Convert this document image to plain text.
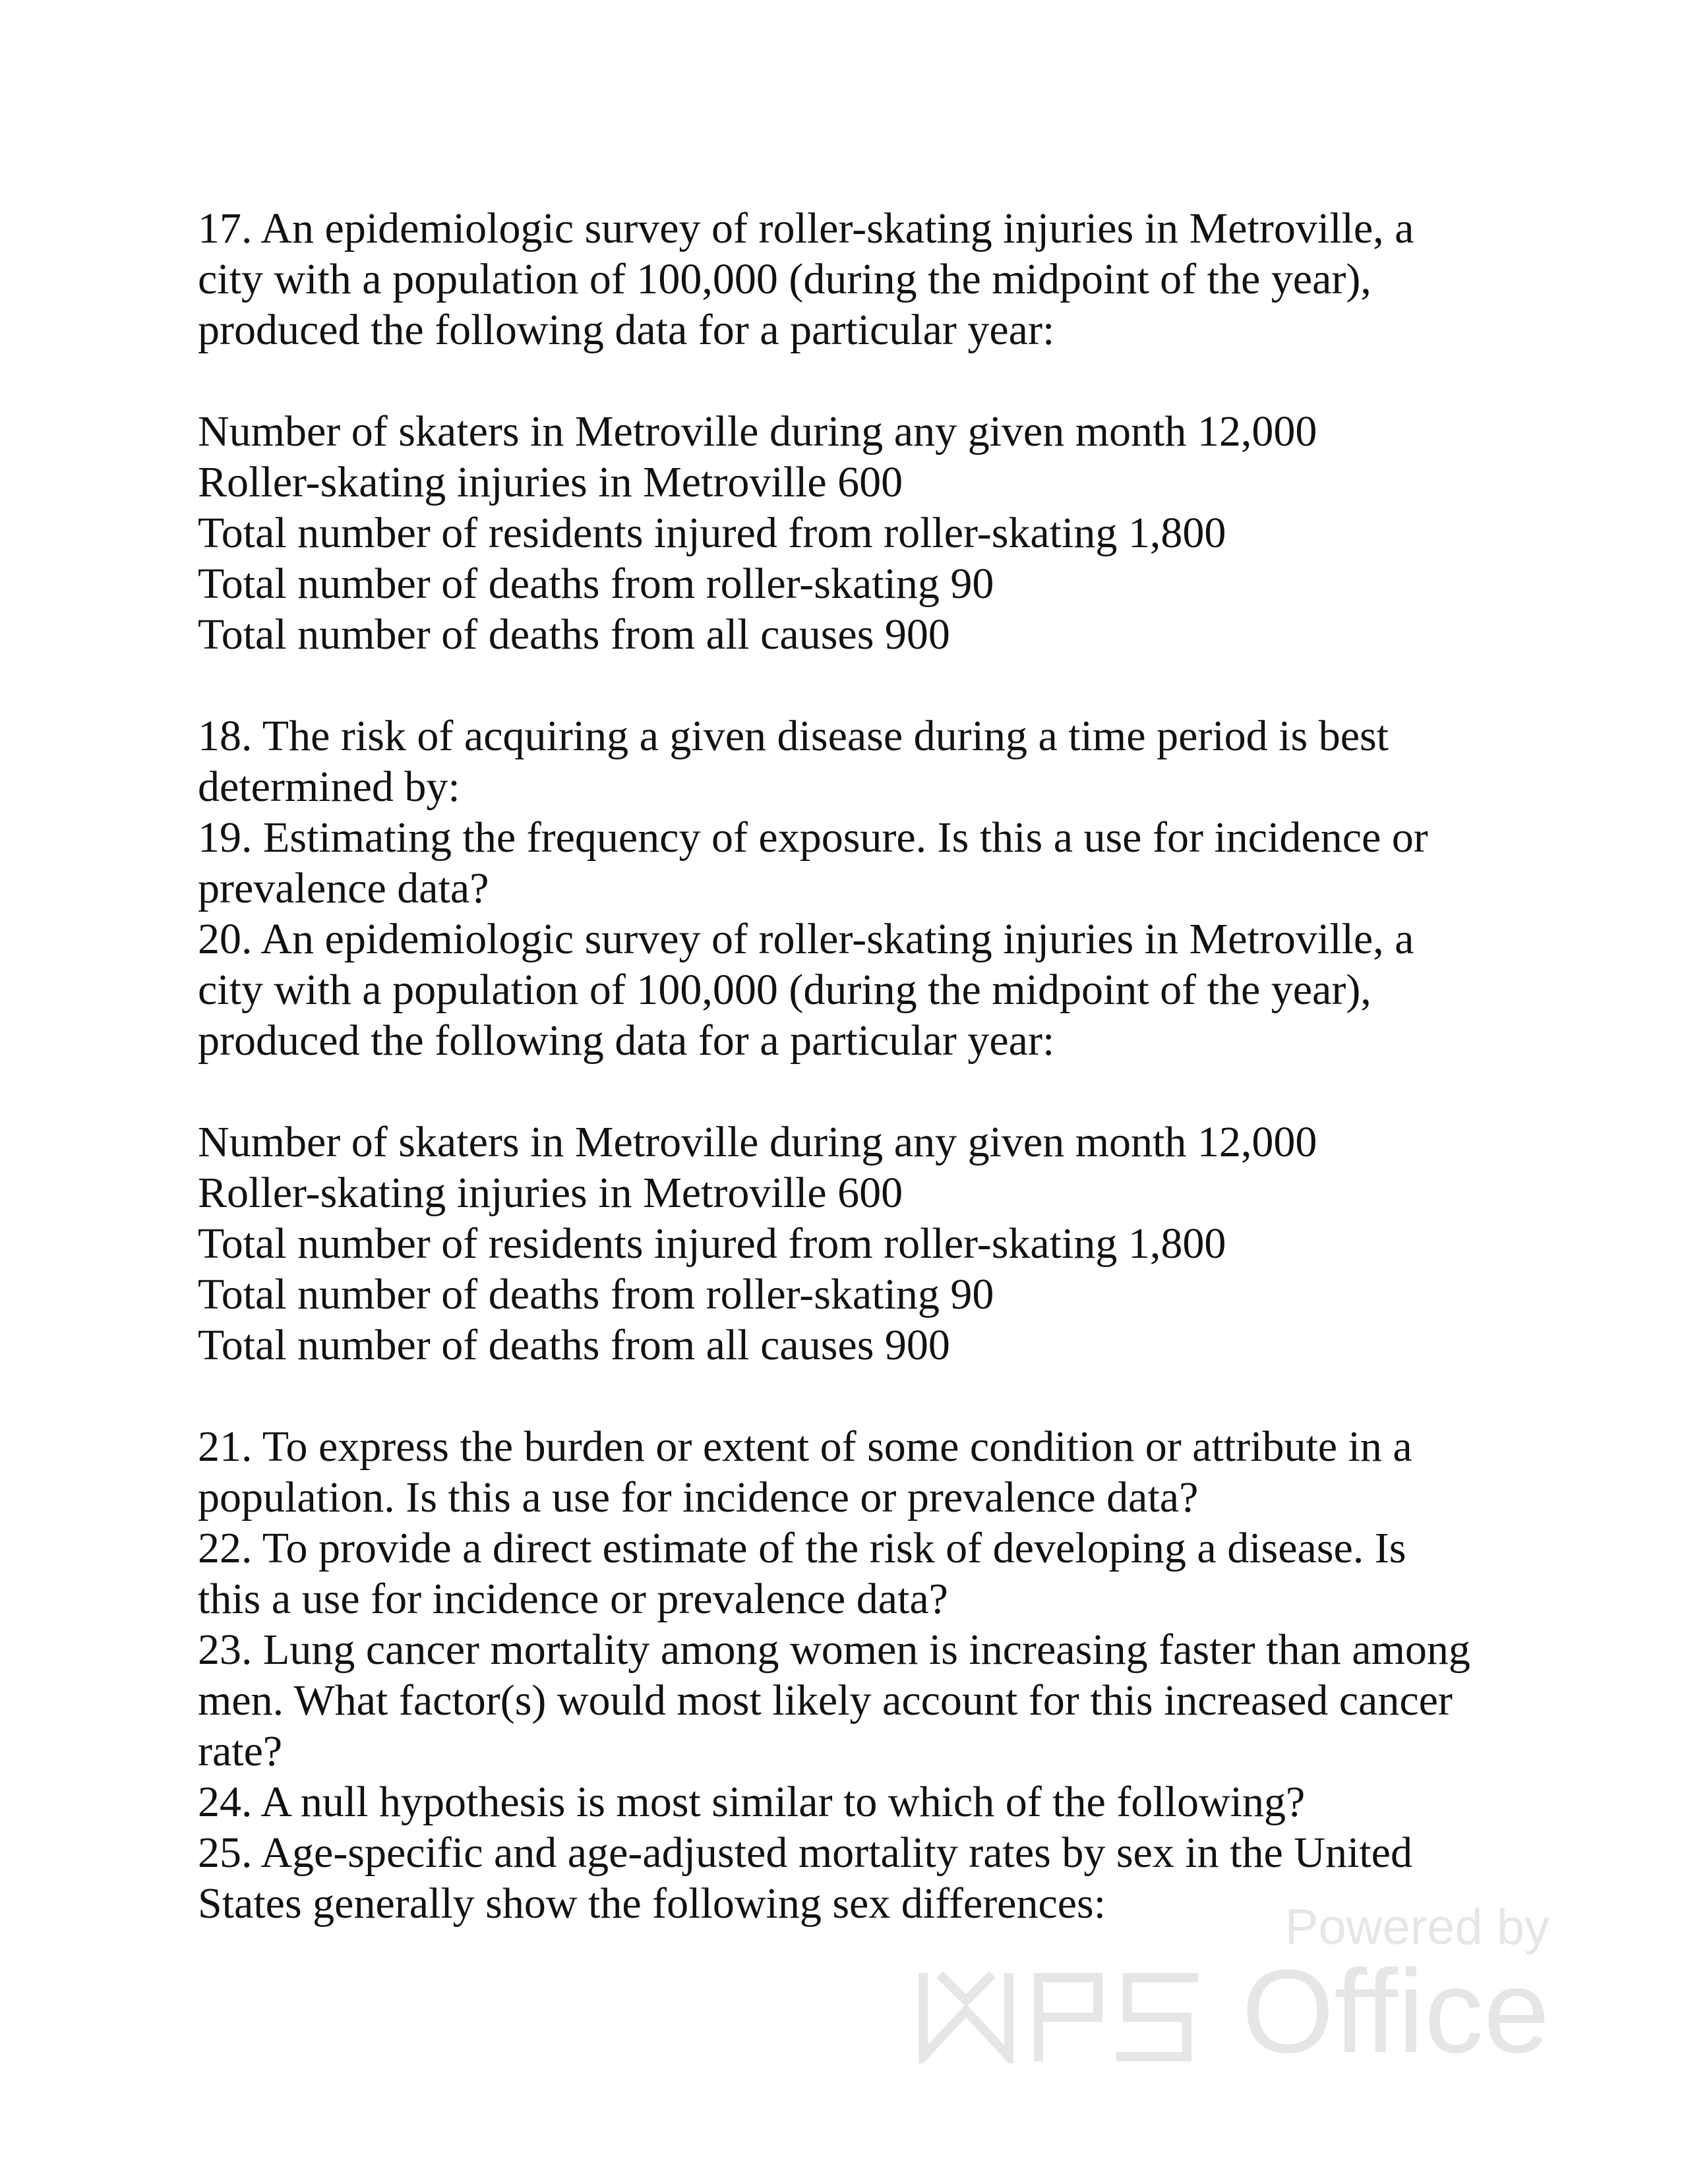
17. An epidemiologic survey of roller-skating injuries in Metroville, a
city with a population of 100,000 (during the midpoint of the year),
produced the following data for a particular year:
Number of skaters in Metroville during any given month 12,000
Roller-skating injuries in Metroville 600
Total number of residents injured from roller-skating 1,800
Total number of deaths from roller-skating 90
Total number of deaths from all causes 900
18. The risk of acquiring a given disease during a time period is best
determined by:
19. Estimating the frequency of exposure. Is this a use for incidence or
prevalence data?
20. An epidemiologic survey of roller-skating injuries in Metroville, a
city with a population of 100,000 (during the midpoint of the year),
produced the following data for a particular year:
Number of skaters in Metroville during any given month 12,000
Roller-skating injuries in Metroville 600
Total number of residents injured from roller-skating 1,800
Total number of deaths from roller-skating 90
Total number of deaths from all causes 900
21. To express the burden or extent of some condition or attribute in a
population. Is this a use for incidence or prevalence data?
22. To provide a direct estimate of the risk of developing a disease. Is
this a use for incidence or prevalence data?
23. Lung cancer mortality among women is increasing faster than among
men. What factor(s) would most likely account for this increased cancer
rate?
24. A null hypothesis is most similar to which of the following?
25. Age-specific and age-adjusted mortality rates by sex in the United
States generally show the following sex differences:	Powered by
Office
